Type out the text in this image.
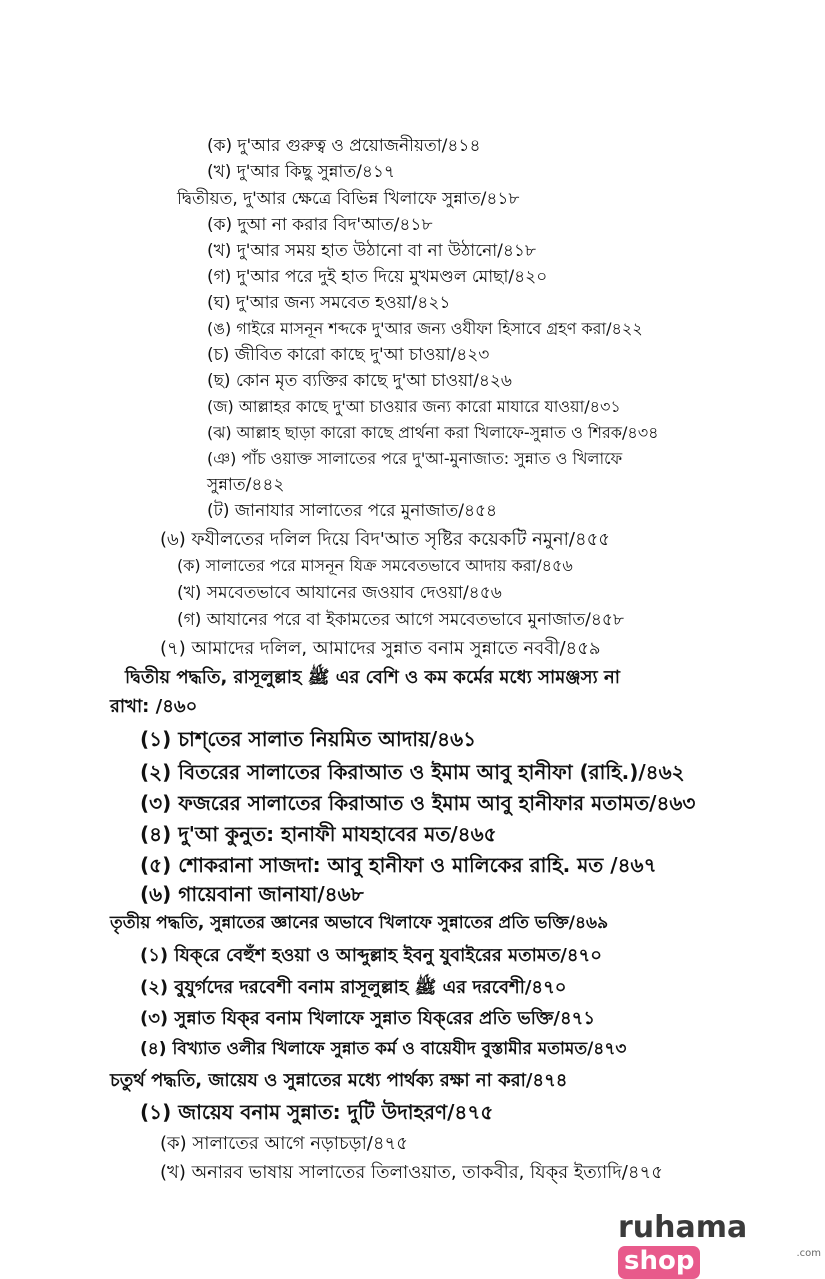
(ক) দু'আর গুরুত্ব ও প্রয়োজনীয়তা/৪১৪
(খ) দু'আর কিছু সুন্নাত/৪১৭
দ্বিতীয়ত, দু'আর ক্ষেত্রে বিভিন্ন খিলাফে সুন্নাত/৪১৮
(ক) দুআ না করার বিদ'আত/৪১৮
(খ) দু'আর সময় হাত উঠানো বা না উঠানো/৪১৮
(গ) দু'আর পরে দুই হাত দিয়ে মুখমণ্ডল মোছা/৪২০
(ঘ) দু'আর জন্য সমবেত হওয়া/৪২১
(ঙ) গাইরে মাসনূন শব্দকে দু'আর জন্য ওযীফা হিসাবে গ্রহণ করা/৪২২
(চ) জীবিত কারো কাছে দু'আ চাওয়া/৪২৩
(ছ) কোন মৃত ব্যক্তির কাছে দু'আ চাওয়া/৪২৬
(জ) আল্লাহর কাছে দু'আ চাওয়ার জন্য কারো মাযারে যাওয়া/৪৩১
(ঝ) আল্লাহ ছাড়া কারো কাছে প্রার্থনা করা খিলাফে-সুন্নাত ও শিরক/৪৩৪
(ঞ) পাঁচ ওয়াক্ত সালাতের পরে দু'আ-মুনাজাত: সুন্নাত ও খিলাফে
সুন্নাত/৪৪২
(ট) জানাযার সালাতের পরে মুনাজাত/৪৫৪
(৬) ফযীলতের দলিল দিয়ে বিদ'আত সৃষ্টির কয়েকটি নমুনা/৪৫৫
(ক) সালাতের পরে মাসনূন যিক্র সমবেতভাবে আদায় করা/৪৫৬
(খ) সমবেতভাবে আযানের জওয়াব দেওয়া/৪৫৬
(গ) আযানের পরে বা ইকামতের আগে সমবেতভাবে মুনাজাত/৪৫৮
(৭) আমাদের দলিল, আমাদের সুন্নাত বনাম সুন্নাতে নববী/৪৫৯
দ্বিতীয় পদ্ধতি, রাসূলুল্লাহ ﷺ এর বেশি ও কম কর্মের মধ্যে সামঞ্জস্য না
রাখা: /৪৬০
(১) চাশ্‌তের সালাত নিয়মিত আদায়/৪৬১
(২) বিতরের সালাতের কিরাআত ও ইমাম আবু হানীফা (রাহি.)/৪৬২
(৩) ফজরের সালাতের কিরাআত ও ইমাম আবু হানীফার মতামত/৪৬৩
(৪) দু'আ কুনুত: হানাফী মাযহাবের মত/৪৬৫
(৫) শোকরানা সাজদা: আবু হানীফা ও মালিকের রাহি. মত /৪৬৭
(৬) গায়েবানা জানাযা/৪৬৮
তৃতীয় পদ্ধতি, সুন্নাতের জ্ঞানের অভাবে খিলাফে সুন্নাতের প্রতি ভক্তি/৪৬৯
(১) যিক্‌রে বেহুঁশ হওয়া ও আব্দুল্লাহ ইবনু যুবাইরের মতামত/৪৭০
(২) বুযুর্গদের দরবেশী বনাম রাসূলুল্লাহ ﷺ এর দরবেশী/৪৭০
(৩) সুন্নাত যিক্‌র বনাম খিলাফে সুন্নাত যিক্‌রের প্রতি ভক্তি/৪৭১
(৪) বিখ্যাত ওলীর খিলাফে সুন্নাত কর্ম ও বায়েযীদ বুস্তামীর মতামত/৪৭৩
চতুর্থ পদ্ধতি, জায়েয ও সুন্নাতের মধ্যে পার্থক্য রক্ষা না করা/৪৭৪
(১) জায়েয বনাম সুন্নাত: দুটি উদাহরণ/৪৭৫
(ক) সালাতের আগে নড়াচড়া/৪৭৫
(খ) অনারব ভাষায় সালাতের তিলাওয়াত, তাকবীর, যিক্‌র ইত্যাদি/৪৭৫
ruhamashop	.com
